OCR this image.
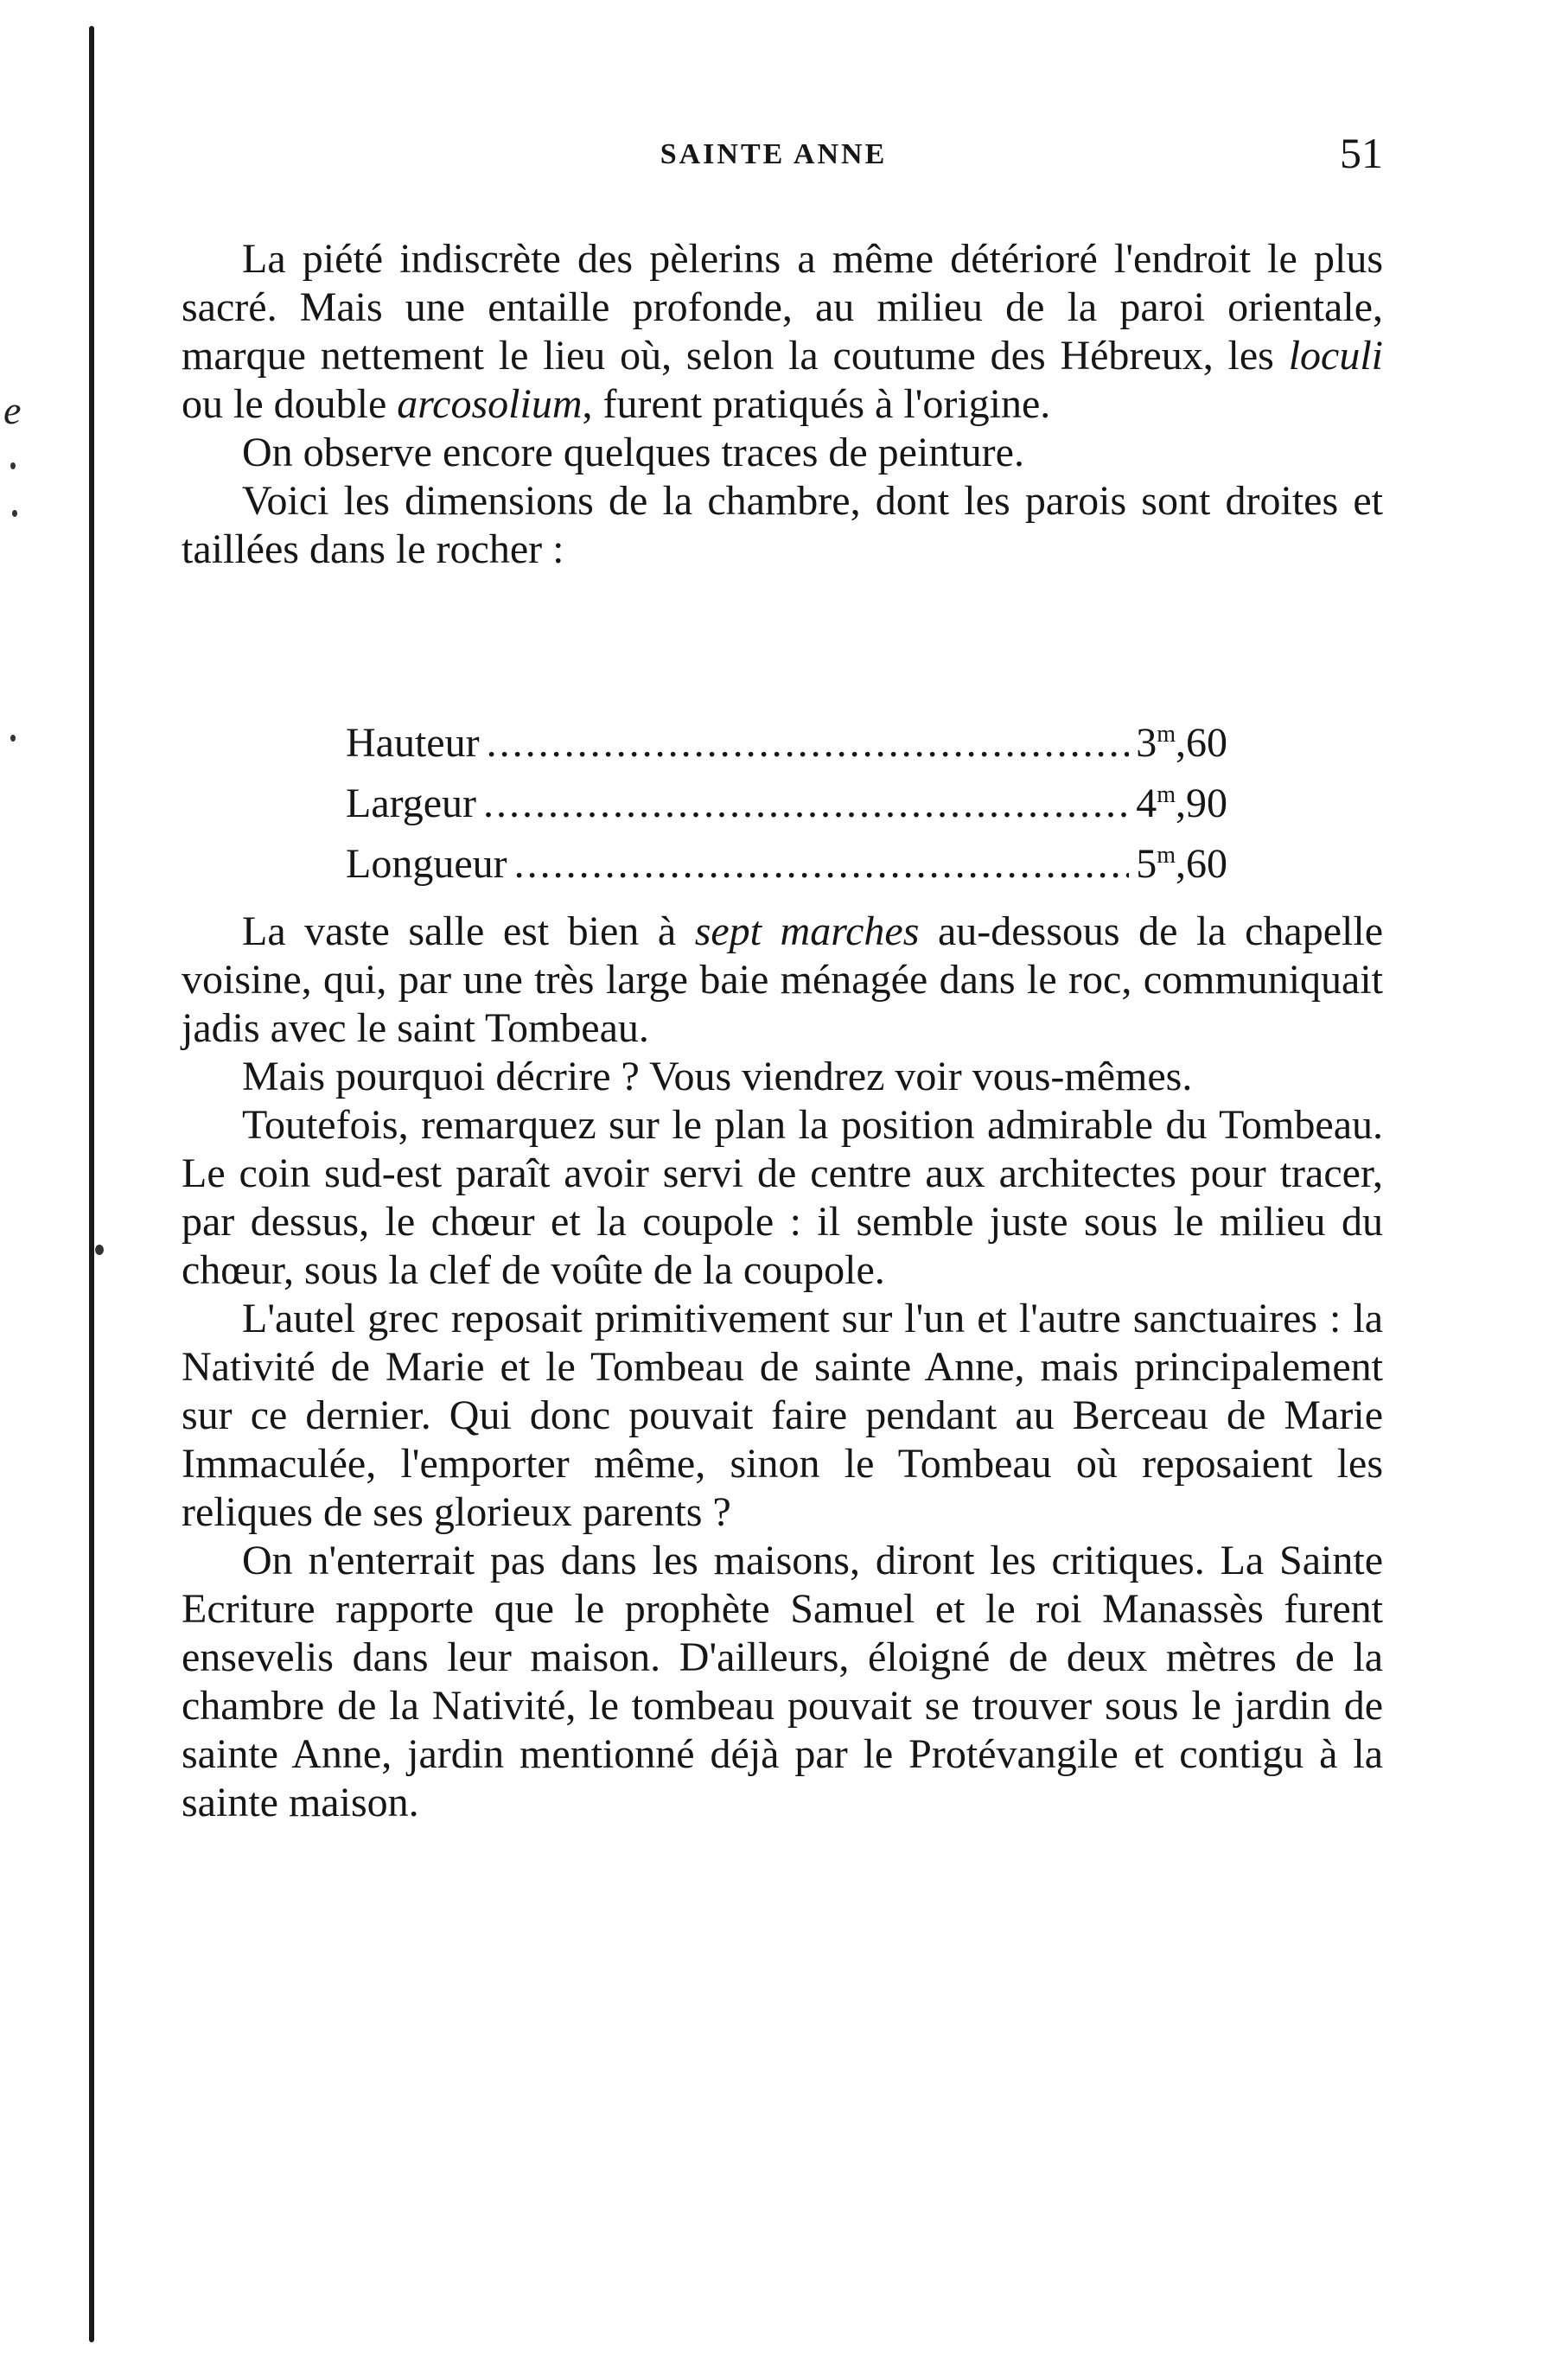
e
SAINTE ANNE	51

La piété indiscrète des pèlerins a même détérioré l'endroit le plus sacré. Mais une entaille profonde, au milieu de la paroi orientale, marque nettement le lieu où, selon la coutume des Hébreux, les loculi ou le double arcosolium, furent pratiqués à l'origine.

On observe encore quelques traces de peinture.

Voici les dimensions de la chambre, dont les parois sont droites et taillées dans le rocher :

Hauteur .....	3$^m$,60
Largeur .....	4$^m$,90
Longueur .....	5$^m$,60

La vaste salle est bien à sept marches au-dessous de la chapelle voisine, qui, par une très large baie ménagée dans le roc, communiquait jadis avec le saint Tombeau.

Mais pourquoi décrire ? Vous viendrez voir vous-mêmes.

Toutefois, remarquez sur le plan la position admirable du Tombeau. Le coin sud-est paraît avoir servi de centre aux architectes pour tracer, par dessus, le chœur et la coupole : il semble juste sous le milieu du chœur, sous la clef de voûte de la coupole.

L'autel grec reposait primitivement sur l'un et l'autre sanctuaires : la Nativité de Marie et le Tombeau de sainte Anne, mais principalement sur ce dernier. Qui donc pouvait faire pendant au Berceau de Marie Immaculée, l'emporter même, sinon le Tombeau où reposaient les reliques de ses glorieux parents ?

On n'enterrait pas dans les maisons, diront les critiques. La Sainte Ecriture rapporte que le prophète Samuel et le roi Manassès furent ensevelis dans leur maison. D'ailleurs, éloigné de deux mètres de la chambre de la Nativité, le tombeau pouvait se trouver sous le jardin de sainte Anne, jardin mentionné déjà par le Protévangile et contigu à la sainte maison.
